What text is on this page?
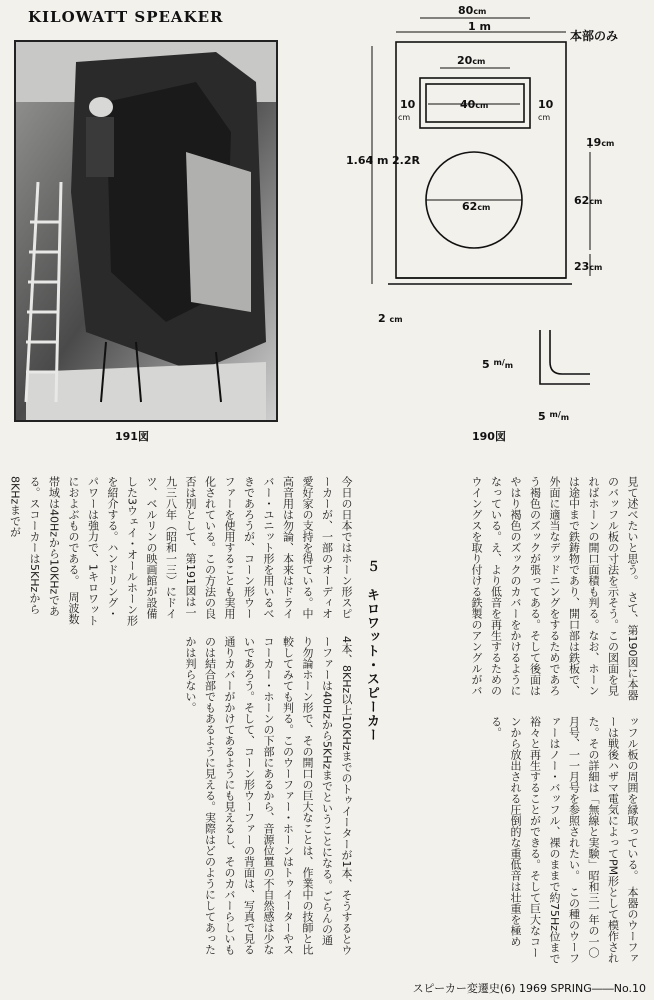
KILOWATT SPEAKER
191図	190図
80cm
1 m
本部のみ
20cm
40cm
10
cm
10
cm
19cm
1.64 m 2.2R
62cm
62cm
23cm
2 cm
5 $^m/_m$
5 $^m/_m$

見て述べたいと思う。　さて、第190図に本器のバッフル板の寸法を示そう。この図面を見ればホーンの開口面積も判る。なお、ホーンは途中まで鉄鋳物であり、開口部は鉄板で、外面に適当なデッドニングをするためであろう褐色のズックが張ってある。そして後面はやはり褐色のズックのカバーをかけるようになっている。え、より低音を再生するためのウイングスを取り付ける鉄製のアングルがバ

今日の日本ではホーン形スピーカーが、一部のオーディオ愛好家の支持を得ている。中高音用は勿論、本来はドライバー・ユニット形を用いるべきであろうが、コーン形ウーファーを使用することも実用化されている。この方法の良否は別として、第191図は一九三八年（昭和一三）にドイツ、ベルリンの映画館が設備した3ウェイ・オールホーン形を紹介する。ハンドリング・パワーは強力で、1キロワットにおよぶものである。　周波数帯域は40Hzから10KHzである。スコーカーは5KHzから8KHzまでが

５　キロワット・スピーカー

ッフル板の周囲を縁取っている。　本器のウーファーは戦後ハザマ電気によってPM形として模作された。その詳細は「無線と実験」昭和三一年の一〇月号、一一月号を参照されたい。　この種のウーファーはノー・バッフル、裸のままで約75Hz位まで裕々と再生することができる。そして巨大なコーンから放出される圧倒的な重低音は壮重を極める。

4本、8KHz以上10KHzまでのトゥイーターが1本、そうするとウーファーは40Hzから5KHzまでということになる。ごらんの通り勿論ホーン形で、その開口の巨大なことは、作業中の技師と比較してみても判る。このウーファー・ホーンはトゥイーターやスコーカー・ホーンの下部にあるから、音源位置の不自然感は少ないであろう。そして、コーン形ウーファーの背面は、写真で見る通りカバーがかけてあるようにも見えるし、そのカバーらしいものは結合部でもあるように見える。実際はどのようにしてあったかは判らない。

スピーカー変遷史(6) 1969 SPRING――No.10
